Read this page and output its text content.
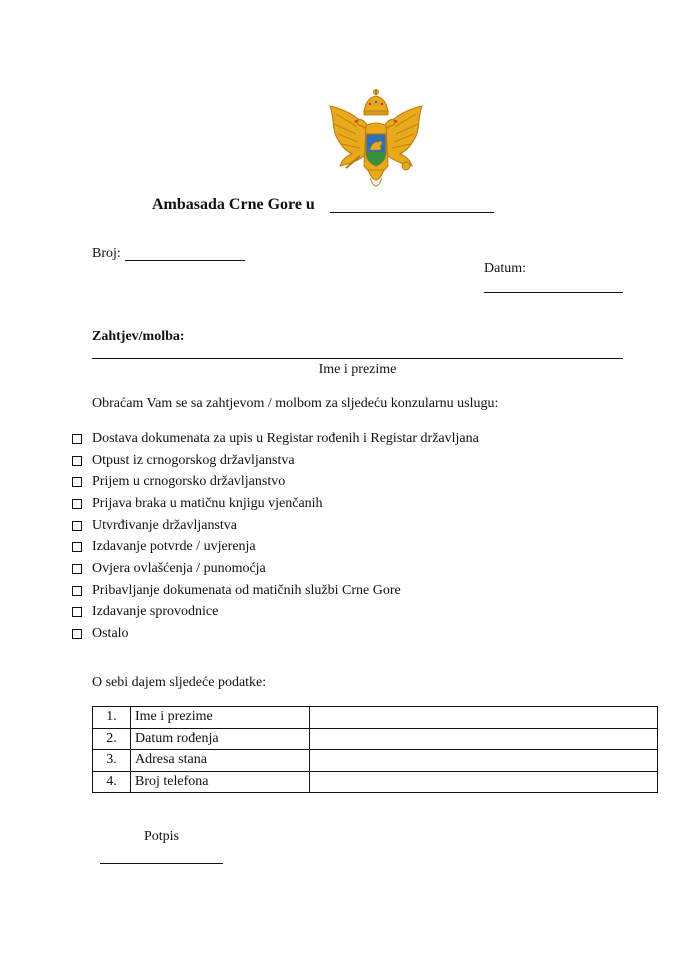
Ambasada Crne Gore u
Broj:
Datum:
Zahtjev/molba:
Ime i prezime
Obraćam Vam se sa zahtjevom / molbom za sljedeću konzularnu uslugu:
Dostava dokumenata za upis u Registar rođenih i Registar državljana
Otpust iz crnogorskog državljanstva
Prijem u crnogorsko državljanstvo
Prijava braka u matičnu knjigu vjenčanih
Utvrđivanje državljanstva
Izdavanje potvrde / uvjerenja
Ovjera ovlašćenja / punomoćja
Pribavljanje dokumenata od matičnih službi Crne Gore
Izdavanje sprovodnice
Ostalo
O sebi dajem sljedeće podatke:
1.	Ime i prezime	
2.	Datum rođenja	
3.	Adresa stana	
4.	Broj telefona	
Potpis
